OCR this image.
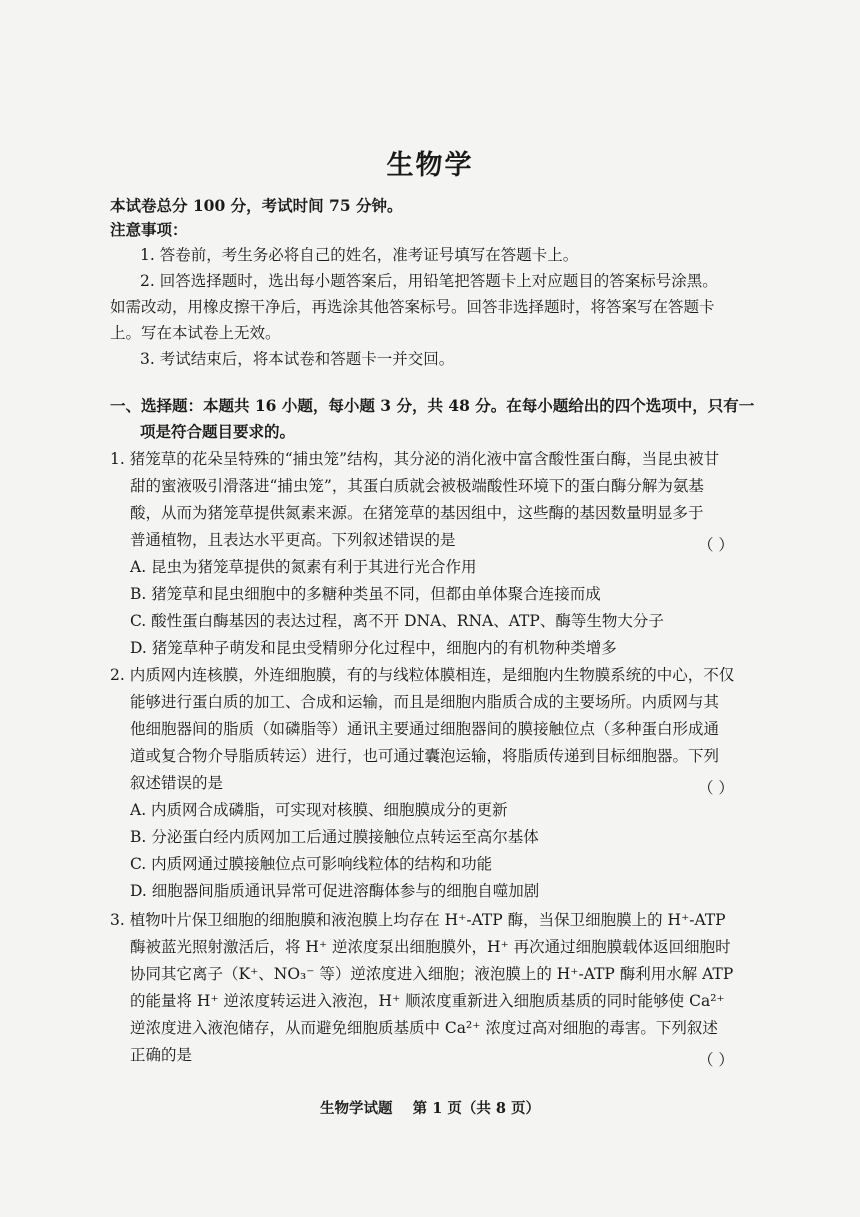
生物学
本试卷总分 100 分，考试时间 75 分钟。
注意事项：
1. 答卷前，考生务必将自己的姓名，准考证号填写在答题卡上。
2. 回答选择题时，选出每小题答案后，用铅笔把答题卡上对应题目的答案标号涂黑。
如需改动，用橡皮擦干净后，再选涂其他答案标号。回答非选择题时，将答案写在答题卡
上。写在本试卷上无效。
3. 考试结束后，将本试卷和答题卡一并交回。
一、选择题：本题共 16 小题，每小题 3 分，共 48 分。在每小题给出的四个选项中，只有一
项是符合题目要求的。
1. 猪笼草的花朵呈特殊的“捕虫笼”结构，其分泌的消化液中富含酸性蛋白酶，当昆虫被甘
甜的蜜液吸引滑落进“捕虫笼”，其蛋白质就会被极端酸性环境下的蛋白酶分解为氨基
酸，从而为猪笼草提供氮素来源。在猪笼草的基因组中，这些酶的基因数量明显多于
普通植物，且表达水平更高。下列叙述错误的是	（ ）
A. 昆虫为猪笼草提供的氮素有利于其进行光合作用
B. 猪笼草和昆虫细胞中的多糖种类虽不同，但都由单体聚合连接而成
C. 酸性蛋白酶基因的表达过程，离不开 DNA、RNA、ATP、酶等生物大分子
D. 猪笼草种子萌发和昆虫受精卵分化过程中，细胞内的有机物种类增多
2. 内质网内连核膜，外连细胞膜，有的与线粒体膜相连，是细胞内生物膜系统的中心，不仅
能够进行蛋白质的加工、合成和运输，而且是细胞内脂质合成的主要场所。内质网与其
他细胞器间的脂质（如磷脂等）通讯主要通过细胞器间的膜接触位点（多种蛋白形成通
道或复合物介导脂质转运）进行，也可通过囊泡运输，将脂质传递到目标细胞器。下列
叙述错误的是	（ ）
A. 内质网合成磷脂，可实现对核膜、细胞膜成分的更新
B. 分泌蛋白经内质网加工后通过膜接触位点转运至高尔基体
C. 内质网通过膜接触位点可影响线粒体的结构和功能
D. 细胞器间脂质通讯异常可促进溶酶体参与的细胞自噬加剧
3. 植物叶片保卫细胞的细胞膜和液泡膜上均存在 H⁺-ATP 酶，当保卫细胞膜上的 H⁺-ATP
酶被蓝光照射激活后，将 H⁺ 逆浓度泵出细胞膜外，H⁺ 再次通过细胞膜载体返回细胞时
协同其它离子（K⁺、NO₃⁻ 等）逆浓度进入细胞；液泡膜上的 H⁺-ATP 酶利用水解 ATP
的能量将 H⁺ 逆浓度转运进入液泡，H⁺ 顺浓度重新进入细胞质基质的同时能够使 Ca²⁺
逆浓度进入液泡储存，从而避免细胞质基质中 Ca²⁺ 浓度过高对细胞的毒害。下列叙述
正确的是	（ ）
生物学试题 第 1 页（共 8 页）
